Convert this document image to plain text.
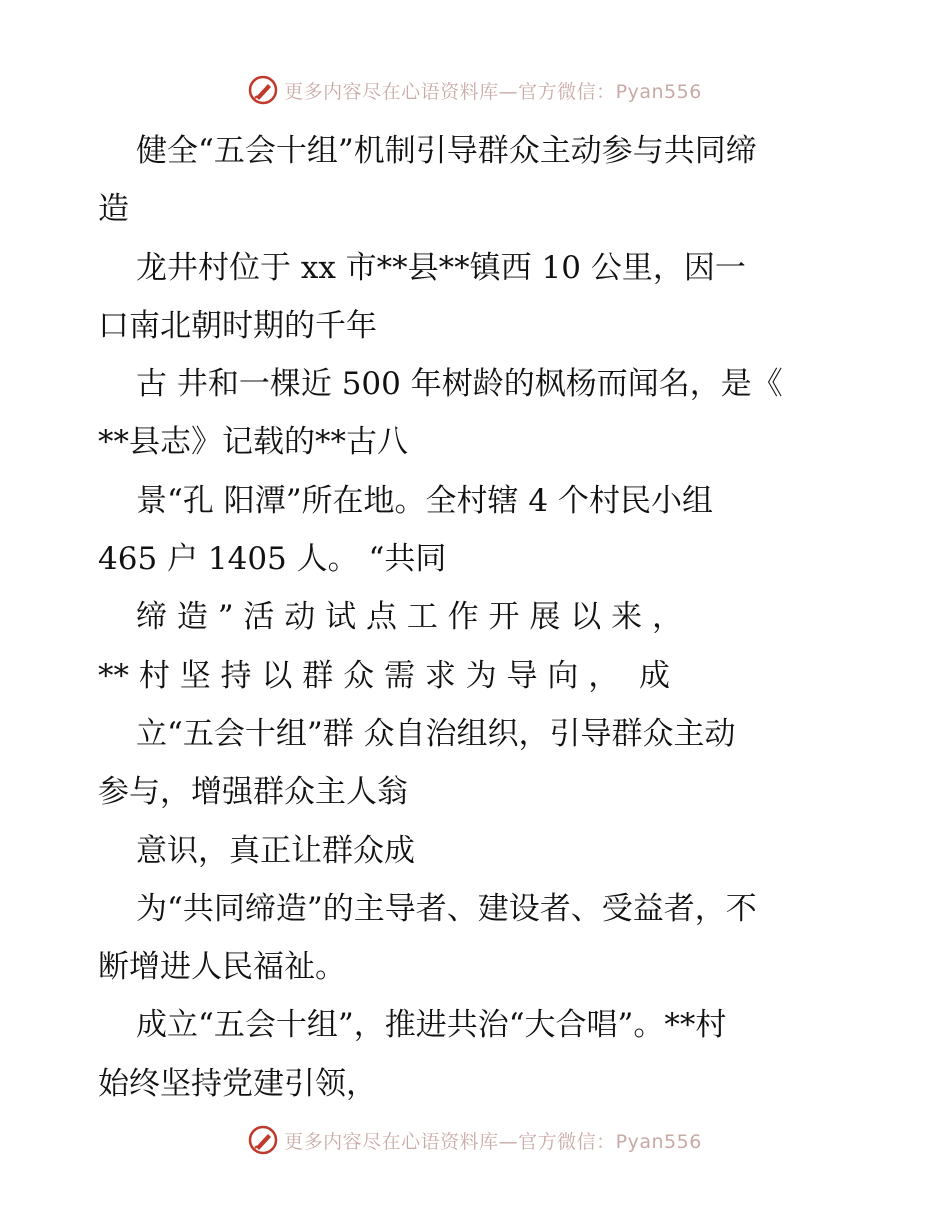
更多内容尽在心语资料库—官方微信：Pyan556
健全“五会十组”机制引导群众主动参与共同缔
造
龙井村位于 xx 市**县**镇西 10 公里，因一
口南北朝时期的千年
古 井和一棵近 500 年树龄的枫杨而闻名，是《
**县志》记载的**古八
景“孔 阳潭”所在地。全村辖 4 个村民小组
465 户 1405 人。 “共同
缔 造 ” 活 动 试 点 工 作 开 展 以 来 ，
** 村 坚 持 以 群 众 需 求 为 导 向 ，  成
立“五会十组”群 众自治组织，引导群众主动
参与，增强群众主人翁
意识，真正让群众成
为“共同缔造”的主导者、建设者、受益者，不
断增进人民福祉。
成立“五会十组”，推进共治“大合唱”。**村
始终坚持党建引领，
更多内容尽在心语资料库—官方微信：Pyan556
